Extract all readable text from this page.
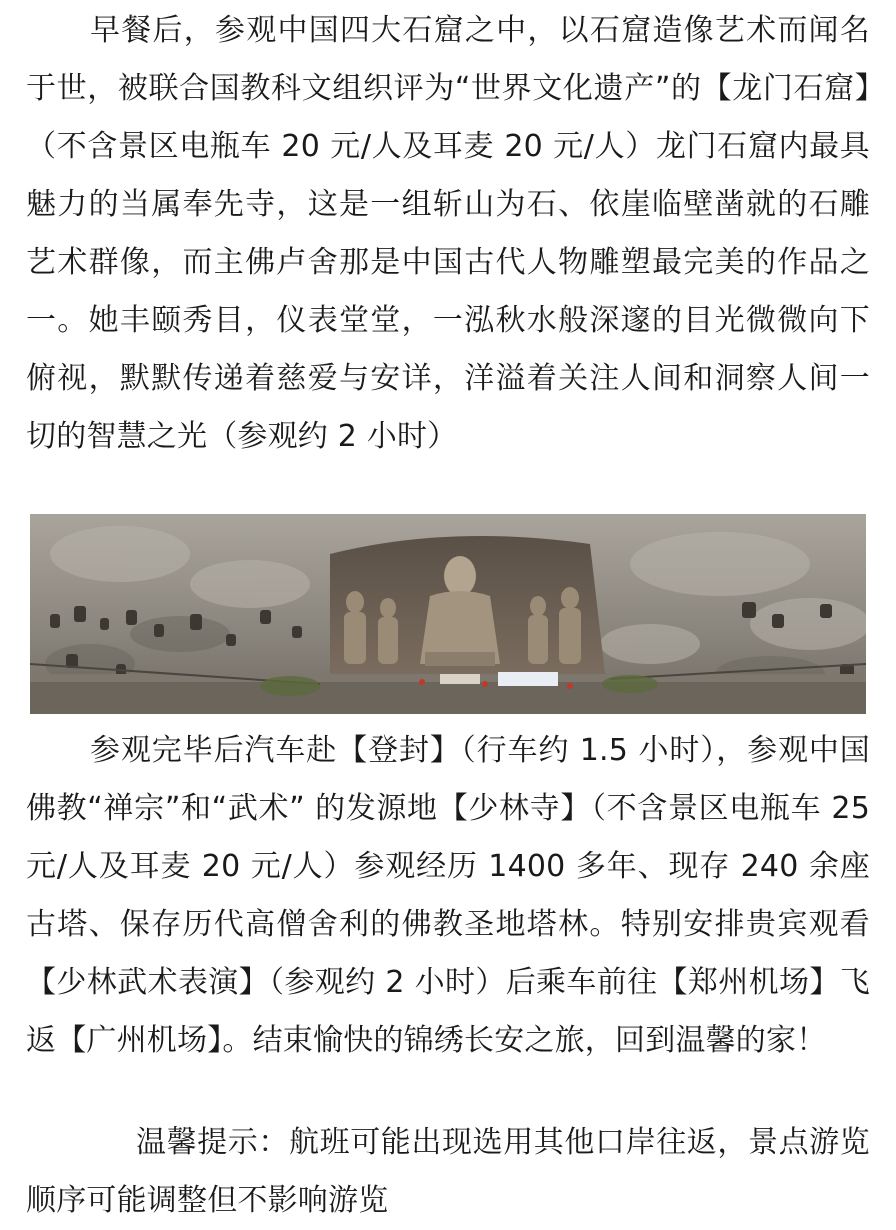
早餐后，参观中国四大石窟之中，以石窟造像艺术而闻名于世，被联合国教科文组织评为“世界文化遗产”的【龙门石窟】（不含景区电瓶车 20 元/人及耳麦 20 元/人）龙门石窟内最具魅力的当属奉先寺，这是一组斩山为石、依崖临壁凿就的石雕艺术群像，而主佛卢舍那是中国古代人物雕塑最完美的作品之一。她丰颐秀目，仪表堂堂，一泓秋水般深邃的目光微微向下俯视，默默传递着慈爱与安详，洋溢着关注人间和洞察人间一切的智慧之光（参观约 2 小时）

参观完毕后汽车赴【登封】（行车约 1.5 小时），参观中国佛教“禅宗”和“武术” 的发源地【少林寺】（不含景区电瓶车 25 元/人及耳麦 20 元/人）参观经历 1400 多年、现存 240 余座古塔、保存历代高僧舍利的佛教圣地塔林。特别安排贵宾观看【少林武术表演】（参观约 2 小时）后乘车前往【郑州机场】飞返【广州机场】。结束愉快的锦绣长安之旅，回到温馨的家！

温馨提示：航班可能出现选用其他口岸往返，景点游览顺序可能调整但不影响游览
